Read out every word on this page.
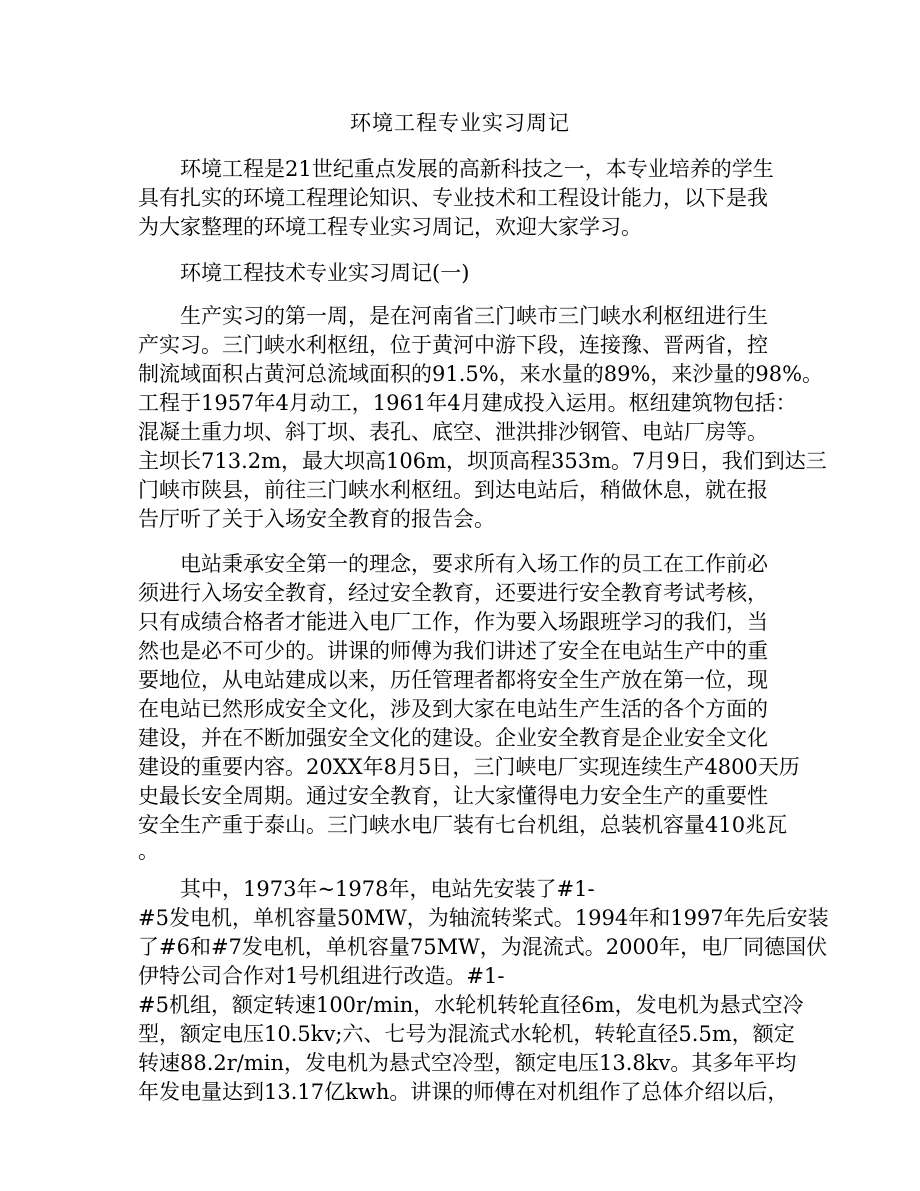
环境工程专业实习周记
环境工程是21世纪重点发展的高新科技之一，本专业培养的学生
具有扎实的环境工程理论知识、专业技术和工程设计能力，以下是我
为大家整理的环境工程专业实习周记，欢迎大家学习。
环境工程技术专业实习周记(一)
生产实习的第一周，是在河南省三门峡市三门峡水利枢纽进行生
产实习。三门峡水利枢纽，位于黄河中游下段，连接豫、晋两省，控
制流域面积占黄河总流域面积的91.5%，来水量的89%，来沙量的98%。
工程于1957年4月动工，1961年4月建成投入运用。枢纽建筑物包括：
混凝土重力坝、斜丁坝、表孔、底空、泄洪排沙钢管、电站厂房等。
主坝长713.2m，最大坝高106m，坝顶高程353m。7月9日，我们到达三
门峡市陕县，前往三门峡水利枢纽。到达电站后，稍做休息，就在报
告厅听了关于入场安全教育的报告会。
电站秉承安全第一的理念，要求所有入场工作的员工在工作前必
须进行入场安全教育，经过安全教育，还要进行安全教育考试考核，
只有成绩合格者才能进入电厂工作，作为要入场跟班学习的我们，当
然也是必不可少的。讲课的师傅为我们讲述了安全在电站生产中的重
要地位，从电站建成以来，历任管理者都将安全生产放在第一位，现
在电站已然形成安全文化，涉及到大家在电站生产生活的各个方面的
建设，并在不断加强安全文化的建设。企业安全教育是企业安全文化
建设的重要内容。20XX年8月5日，三门峡电厂实现连续生产4800天历
史最长安全周期。通过安全教育，让大家懂得电力安全生产的重要性
安全生产重于泰山。三门峡水电厂装有七台机组，总装机容量410兆瓦
。
其中，1973年~1978年，电站先安装了#1-
#5发电机，单机容量50MW，为轴流转桨式。1994年和1997年先后安装
了#6和#7发电机，单机容量75MW，为混流式。2000年，电厂同德国伏
伊特公司合作对1号机组进行改造。#1-
#5机组，额定转速100r/min，水轮机转轮直径6m，发电机为悬式空冷
型，额定电压10.5kv;六、七号为混流式水轮机，转轮直径5.5m，额定
转速88.2r/min，发电机为悬式空冷型，额定电压13.8kv。其多年平均
年发电量达到13.17亿kwh。讲课的师傅在对机组作了总体介绍以后，
